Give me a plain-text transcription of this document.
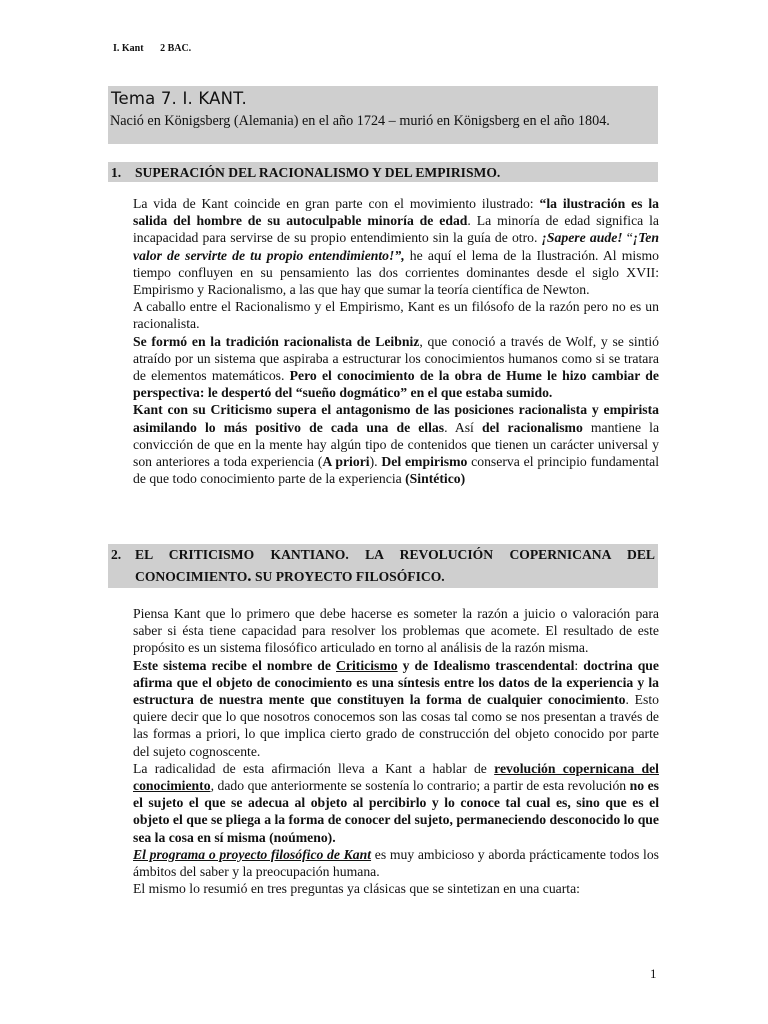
I. Kant 2 BAC.
Tema 7. I. KANT.
Nació en Königsberg (Alemania) en el año 1724 – murió en Königsberg en el año 1804.
1. SUPERACIÓN DEL RACIONALISMO Y DEL EMPIRISMO.

La vida de Kant coincide en gran parte con el movimiento ilustrado: “la ilustración es la salida del hombre de su autoculpable minoría de edad. La minoría de edad significa la incapacidad para servirse de su propio entendimiento sin la guía de otro. ¡Sapere aude! “¡Ten valor de servirte de tu propio entendimiento!”, he aquí el lema de la Ilustración. Al mismo tiempo confluyen en su pensamiento las dos corrientes dominantes desde el siglo XVII: Empirismo y Racionalismo, a las que hay que sumar la teoría científica de Newton.

A caballo entre el Racionalismo y el Empirismo, Kant es un filósofo de la razón pero no es un racionalista.

Se formó en la tradición racionalista de Leibniz, que conoció a través de Wolf, y se sintió atraído por un sistema que aspiraba a estructurar los conocimientos humanos como si se tratara de elementos matemáticos. Pero el conocimiento de la obra de Hume le hizo cambiar de perspectiva: le despertó del “sueño dogmático” en el que estaba sumido.

Kant con su Criticismo supera el antagonismo de las posiciones racionalista y empirista asimilando lo más positivo de cada una de ellas. Así del racionalismo mantiene la convicción de que en la mente hay algún tipo de contenidos que tienen un carácter universal y son anteriores a toda experiencia (A priori). Del empirismo conserva el principio fundamental de que todo conocimiento parte de la experiencia (Sintético)

2. EL CRITICISMO KANTIANO. LA REVOLUCIÓN COPERNICANA DEL CONOCIMIENTO. SU PROYECTO FILOSÓFICO.

Piensa Kant que lo primero que debe hacerse es someter la razón a juicio o valoración para saber si ésta tiene capacidad para resolver los problemas que acomete. El resultado de este propósito es un sistema filosófico articulado en torno al análisis de la razón misma.

Este sistema recibe el nombre de Criticismo y de Idealismo trascendental: doctrina que afirma que el objeto de conocimiento es una síntesis entre los datos de la experiencia y la estructura de nuestra mente que constituyen la forma de cualquier conocimiento. Esto quiere decir que lo que nosotros conocemos son las cosas tal como se nos presentan a través de las formas a priori, lo que implica cierto grado de construcción del objeto conocido por parte del sujeto cognoscente.

La radicalidad de esta afirmación lleva a Kant a hablar de revolución copernicana del conocimiento, dado que anteriormente se sostenía lo contrario; a partir de esta revolución no es el sujeto el que se adecua al objeto al percibirlo y lo conoce tal cual es, sino que es el objeto el que se pliega a la forma de conocer del sujeto, permaneciendo desconocido lo que sea la cosa en sí misma (noúmeno).

El programa o proyecto filosófico de Kant es muy ambicioso y aborda prácticamente todos los ámbitos del saber y la preocupación humana.

El mismo lo resumió en tres preguntas ya clásicas que se sintetizan en una cuarta:

1
